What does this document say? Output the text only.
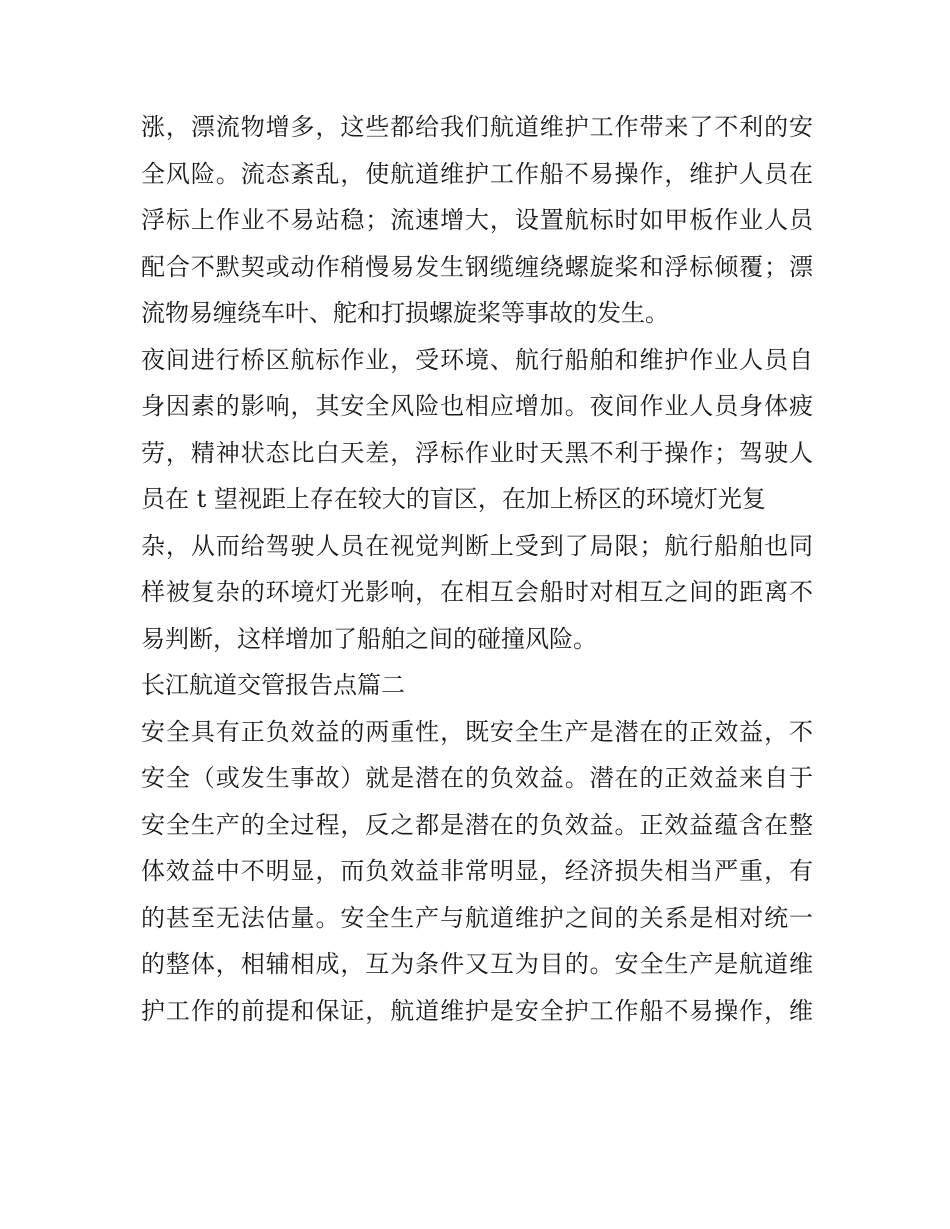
涨，漂流物增多，这些都给我们航道维护工作带来了不利的安
全风险。流态紊乱，使航道维护工作船不易操作，维护人员在
浮标上作业不易站稳；流速增大，设置航标时如甲板作业人员
配合不默契或动作稍慢易发生钢缆缠绕螺旋桨和浮标倾覆；漂
流物易缠绕车叶、舵和打损螺旋桨等事故的发生。
夜间进行桥区航标作业，受环境、航行船舶和维护作业人员自
身因素的影响，其安全风险也相应增加。夜间作业人员身体疲
劳，精神状态比白天差，浮标作业时天黑不利于操作；驾驶人
员在 t 望视距上存在较大的盲区，在加上桥区的环境灯光复
杂，从而给驾驶人员在视觉判断上受到了局限；航行船舶也同
样被复杂的环境灯光影响，在相互会船时对相互之间的距离不
易判断，这样增加了船舶之间的碰撞风险。
长江航道交管报告点篇二
安全具有正负效益的两重性，既安全生产是潜在的正效益，不
安全（或发生事故）就是潜在的负效益。潜在的正效益来自于
安全生产的全过程，反之都是潜在的负效益。正效益蕴含在整
体效益中不明显，而负效益非常明显，经济损失相当严重，有
的甚至无法估量。安全生产与航道维护之间的关系是相对统一
的整体，相辅相成，互为条件又互为目的。安全生产是航道维
护工作的前提和保证，航道维护是安全护工作船不易操作，维
